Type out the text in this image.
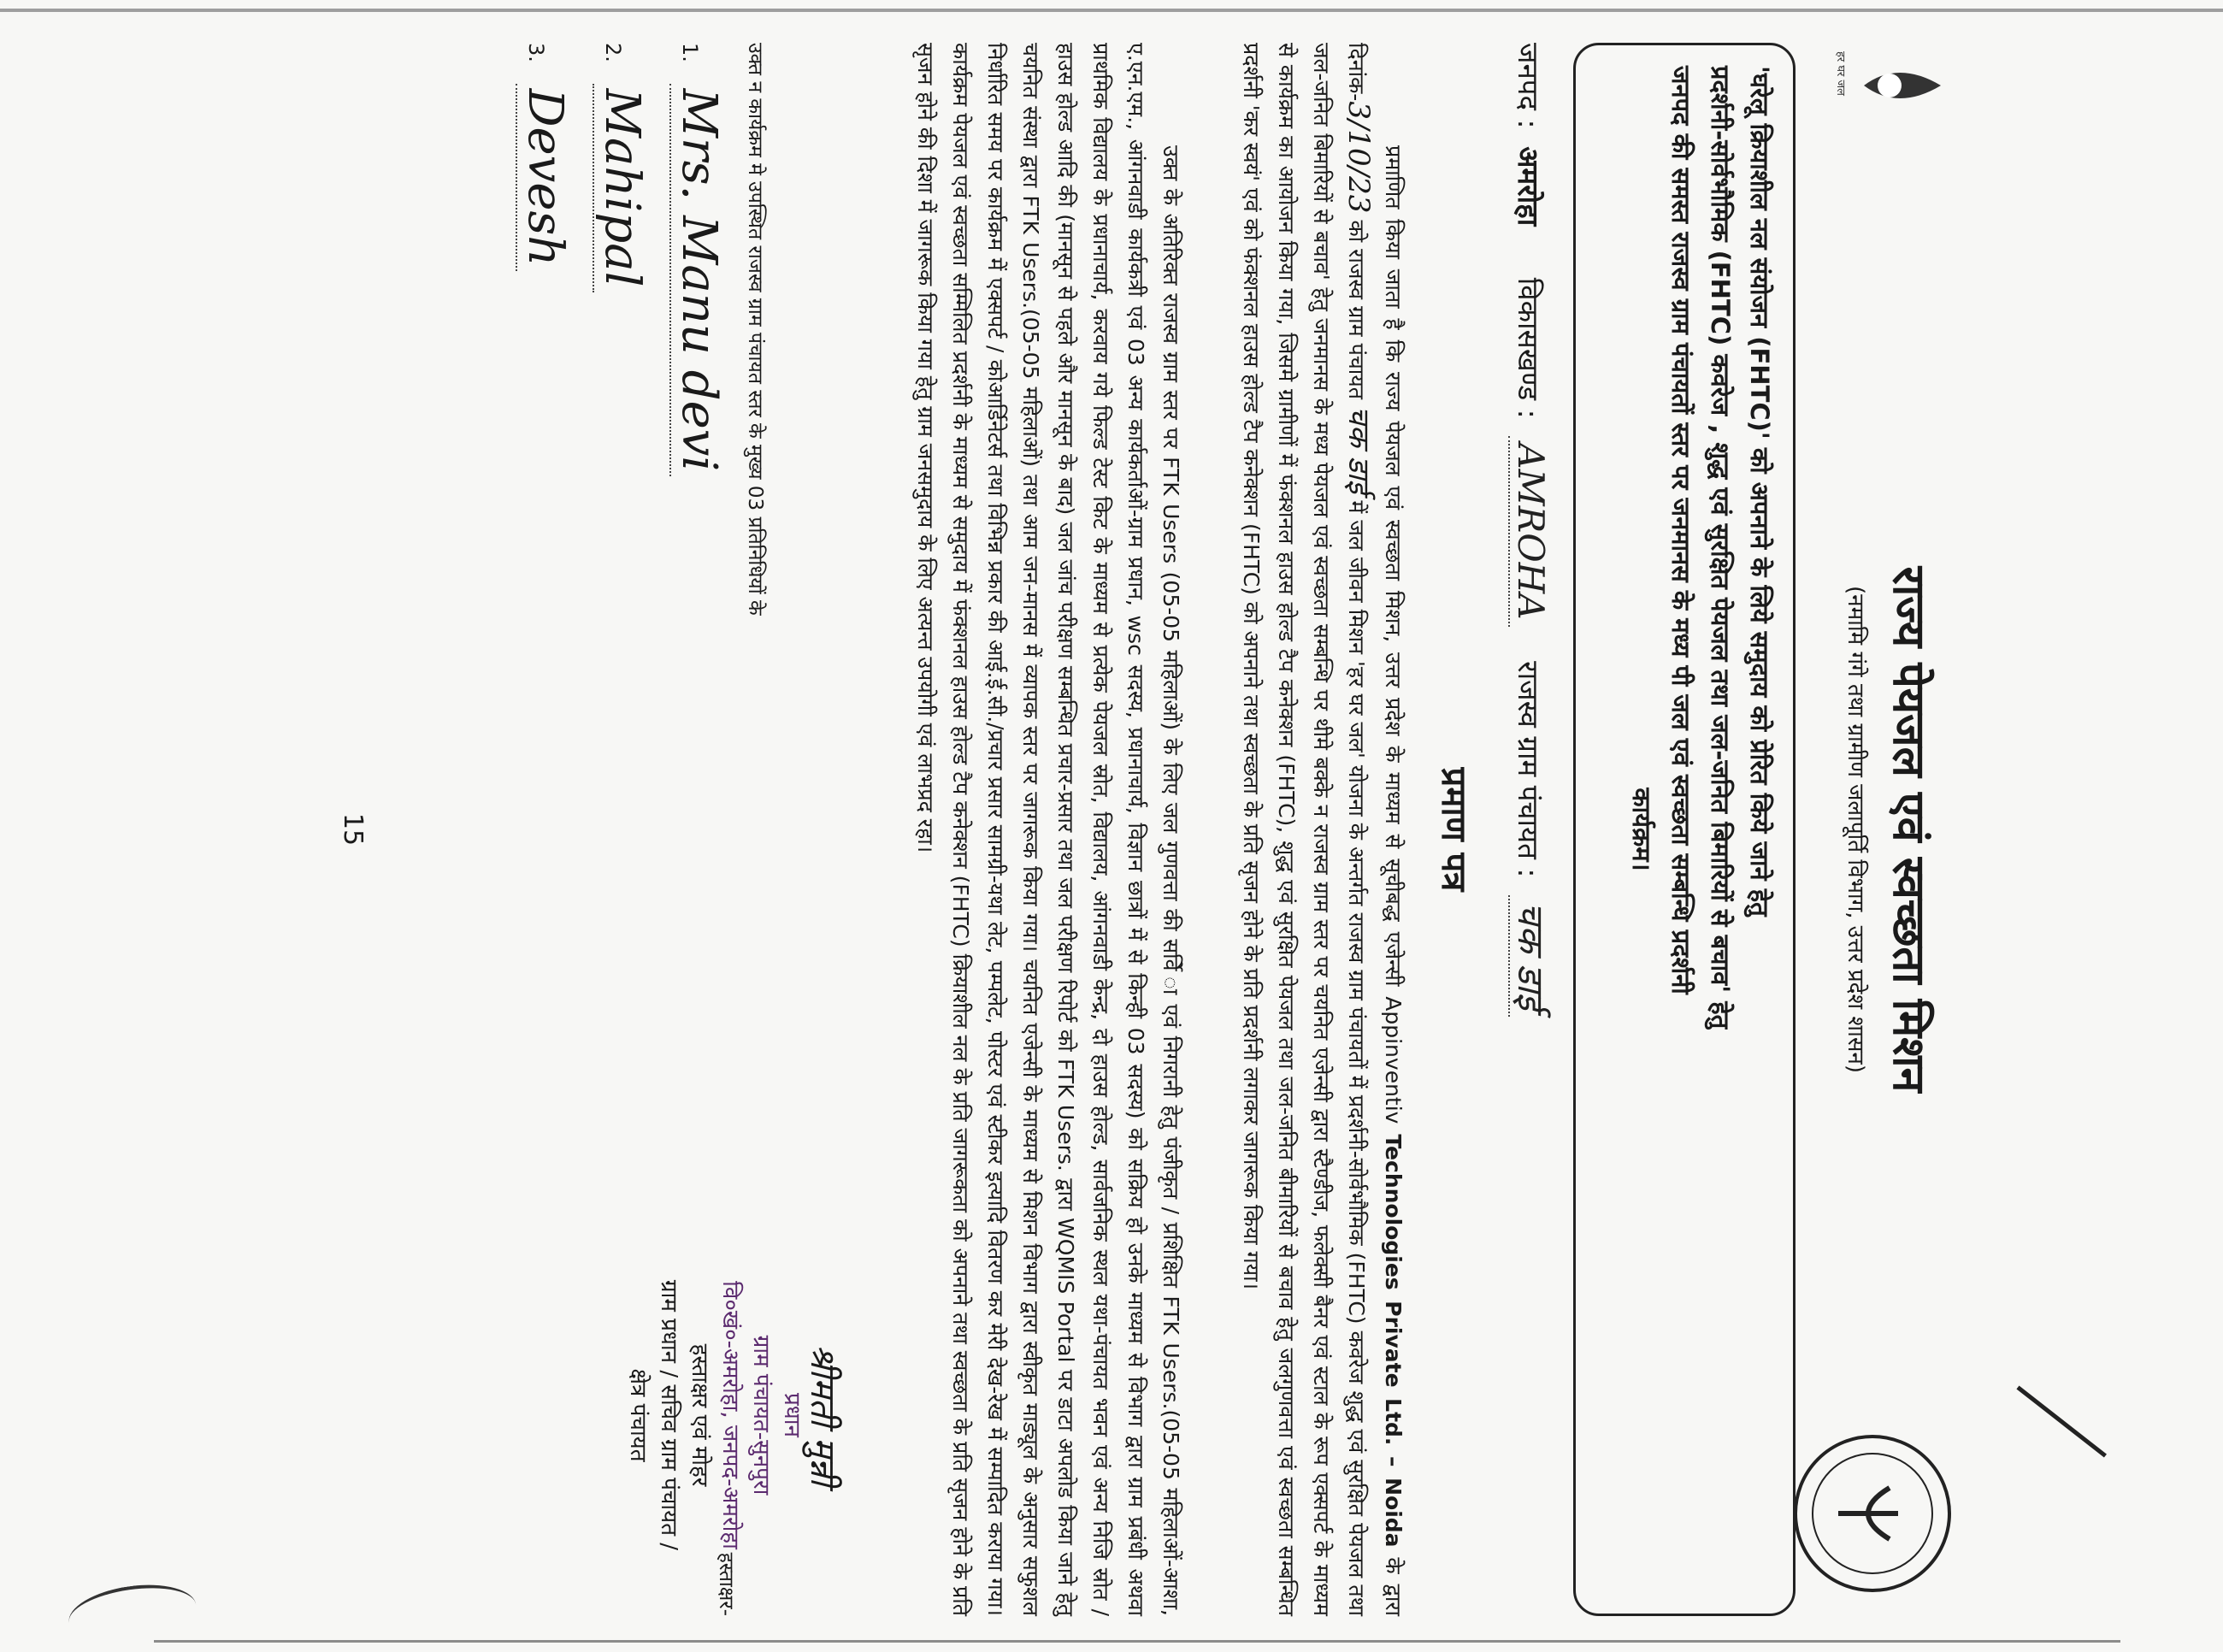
हर घर जल
राज्य पेयजल एवं स्वच्छता मिशन
(नमामि गंगे तथा ग्रामीण जलापूर्ति विभाग, उत्तर प्रदेश शासन)
'घरेलू क्रियाशील नल संयोजन (FHTC)' को अपनाने के लिये समुदाय को प्रेरित किये जाने हेतु
प्रदर्शनी-सोर्वभौमिक (FHTC) कवरेज , शुद्ध एवं सुरक्षित पेयजल तथा जल-जनित बिमारियों से बचाव' हेतु
जनपद की समस्त राजस्व ग्राम पंचायतों स्तर पर जनमानस के मध्य पी जल एवं स्वच्छता सम्बन्धि प्रदर्शनी
कार्यक्रम।
जनपद : अमरोहा विकासखण्ड : AMROHA राजस्व ग्राम पंचायत : चक डाई
प्रमाण पत्र
प्रमाणित किया जाता है कि राज्य पेयजल एवं स्वच्छता मिशन, उत्तर प्रदेश के माध्यम से सूचीबद्ध एजेन्सी Appinventiv Technologies Private Ltd. – Noida के द्वारा दिनांक-3/10/23 को राजस्व ग्राम पंचायत चक डाई में जल जीवन मिशन 'हर घर जल' योजना के अन्तर्गत राजस्व ग्राम पंचायतों में प्रदर्शनी-सोर्वभौमिक (FHTC) कवरेज शुद्ध एवं सुरक्षित पेयजल तथा जल-जनित बिमारियों से बचाव' हेतु जनमानस के मध्य पेयजल एवं स्वच्छता सम्बन्धि पर थीमे बक्के न राजस्व ग्राम स्तर पर चयनित एजेन्सी द्वारा स्टैण्डीज, फलेक्सी बैनर एवं स्टाल के रूप एक्सपर्ट के माध्यम से कार्यक्रम का आयोजन किया गया, जिसमे ग्रामीणों में फंक्शनल हाउस होल्ड टैप कनेक्शन (FHTC), शुद्ध एवं सुरक्षित पेयजल तथा जल-जनित बीमारियों से बचाव हेतु जलगुणवत्ता एवं स्वच्छता सम्बन्धित प्रदर्शनी 'कर स्वयं' एवं को फंक्शनल हाउस होल्ड टैप कनेक्शन (FHTC) को अपनाने तथा स्वच्छता के प्रति सृजन होने के प्रति प्रदर्शनी लगाकर जागरूक किया गया।
उक्त के अतिरिक्त राजस्व ग्राम स्तर पर FTK Users (05-05 महिलाओं) के लिए जल गुणवत्ता की सर्वेि ा एवं निगरानी हेतु पंजीकृत / प्रशिक्षित FTK Users.(05-05 महिलाओं-आशा, ए.एन.एम., आंगनवाडी कार्यकत्री एवं 03 अन्य कार्यकर्ताओं-ग्राम प्रधान, wsc सदस्य, प्रधानाचार्य, विज्ञान छात्रों में से किन्ही 03 सदस्य) को सक्रिय हो उनके माध्यम से विभाग द्वारा ग्राम प्रबंधी अथवा प्राथमिक विद्यालय के प्रधानाचार्य, करवाय गये फिल्ड टेस्ट किट के माध्यम से प्रत्येक पेयजल स्रोत, विद्यालय, आंगनवाडी केन्द्र, दो हाउस होल्ड, सार्वजनिक स्थल यथा-पंचायत भवन एवं अन्य निजि स्रोत / हाउस होल्ड आदि की (मानसून से पहले और मानसून के बाद) जल जांच परीक्षण सम्बन्धित प्रचार-प्रसार तथा जल परीक्षण रिपोर्ट को FTK Users. द्वारा WQMIS Portal पर डाटा अपलोड किया जाने हेतु चयनित संस्था द्वारा FTK Users.(05-05 महिलाओं) तथा आम जन-मानस में व्यापक स्तर पर जागरूक किया गया। चयनित एजेन्सी के माध्यम से मिशन विभाग द्वारा स्वीकृत माड्यूल के अनुसार सफुशल निर्धारित समय पर कार्यक्रम में एक्सपर्ट / कोआर्डिनेटर्स तथा विभिन्न प्रकार की आई.ई.सी./प्रचार प्रसार सामग्री-यथा लेट, पम्पलेट, पोस्टर एवं स्टीकर इत्यादि वितरण कर मेरी देख-रेख में सम्पादित कराया गया। कार्यक्रम पेयजल एवं स्वच्छता सम्मिलित प्रदर्शनी के माध्यम से समुदाय में फंक्शनल हाउस होल्ड टैप कनेक्शन (FHTC) क्रियाशील नल के प्रति जागरूकता को अपनाने तथा स्वच्छता के प्रति सृजन होने के प्रति सृजन होने की दिशा में जागरूक किया गया हेतु ग्राम जनसमुदाय के लिए अत्यन्त उपयोगी एवं लाभप्रद रहा।
उक्त न कार्यक्रम मे उपस्थित राजस्व ग्राम पंचायत स्तर के मुख्य 03 प्रतिनिधियों के
हस्ताक्षर-
1. Mrs. Manu devi
2. Mahipal
3. Devesh
श्रीमती मुन्नी
प्रधान
ग्राम पंचायत-सुनपुरा
वि०खं०-अमरोहा, जनपद-अमरोहा
हस्ताक्षर एवं मोहर
ग्राम प्रधान / सचिव ग्राम पंचायत /
क्षेत्र पंचायत
15
